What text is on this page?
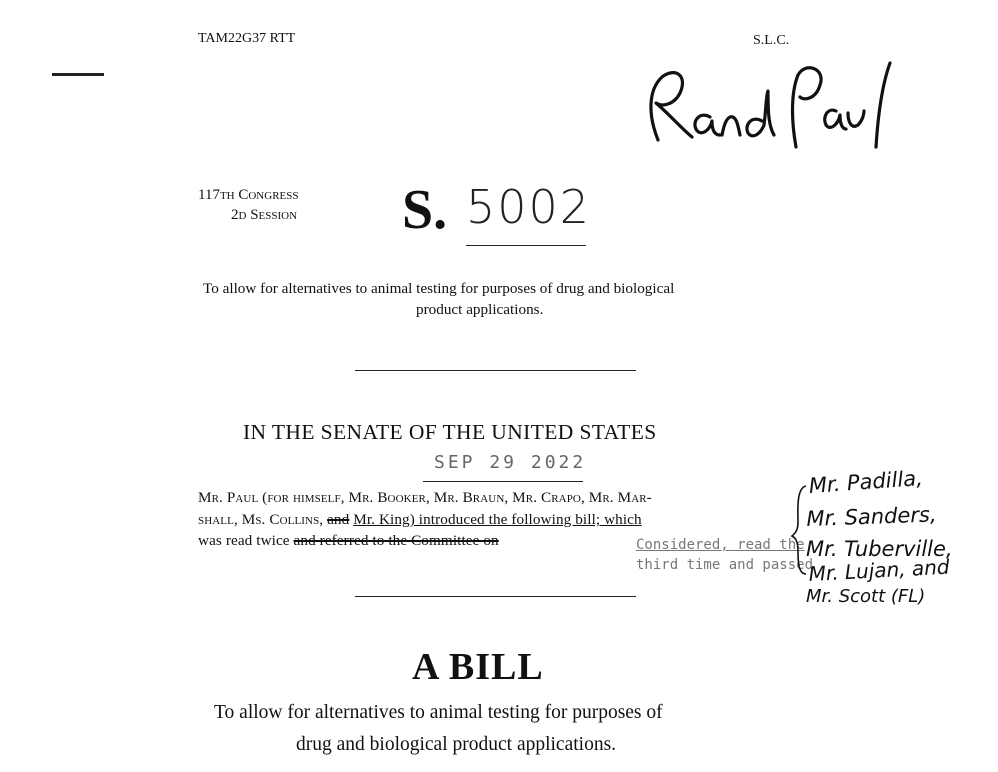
TAM22G37 RTT	S.L.C.
117th Congress
2d Session S. 5002
To allow for alternatives to animal testing for purposes of drug and biological
product applications.
IN THE SENATE OF THE UNITED STATES
SEP 29 2022
Mr. Paul (for himself, Mr. Booker, Mr. Braun, Mr. Crapo, Mr. Mar-
shall, Ms. Collins, and Mr. King) introduced the following bill; which
was read twice and referred to the Committee on	Considered, read the
third time and passed
Mr. Padilla,
Mr. Sanders,
Mr. Tuberville,
Mr. Lujan, and
Mr. Scott (FL)
A BILL
To allow for alternatives to animal testing for purposes of
drug and biological product applications.
